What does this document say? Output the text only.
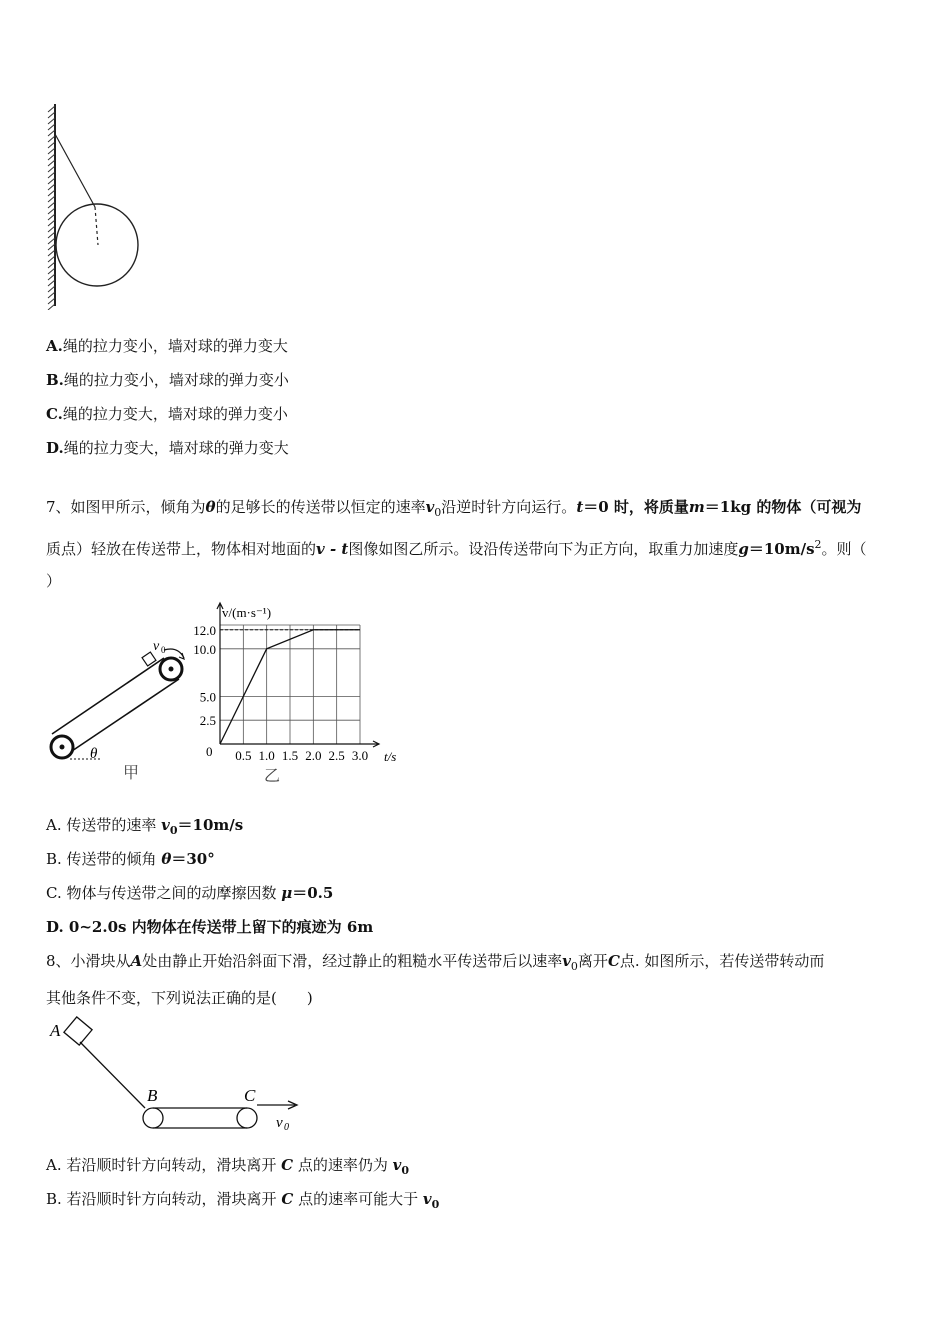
A.绳的拉力变小，墙对球的弹力变大
B.绳的拉力变小，墙对球的弹力变小
C.绳的拉力变大，墙对球的弹力变小
D.绳的拉力变大，墙对球的弹力变大
7、如图甲所示，倾角为θ的足够长的传送带以恒定的速率$v_0$沿逆时针方向运行。t＝0 时，将质量m＝1kg 的物体（可视为
质点）轻放在传送带上，物体相对地面的v - t图像如图乙所示。设沿传送带向下为正方向，取重力加速度$g=10m/s^2$。则（
）
v 0
θ
甲
0.5 1.0 1.5 2.0 2.5 3.0
2.5
5.0
10.0
12.0
v/(m·s⁻¹)
t/s
0
乙
A. 传送带的速率 $v_0=10m/s$
B. 传送带的倾角 θ＝30°
C. 物体与传送带之间的动摩擦因数 μ＝0.5
D. 0~2.0s 内物体在传送带上留下的痕迹为 6m
8、小滑块从A处由静止开始沿斜面下滑，经过静止的粗糙水平传送带后以速率$v_0$离开C点. 如图所示，若传送带转动而
其他条件不变，下列说法正确的是(　　)
A
B	C
v 0
A. 若沿顺时针方向转动，滑块离开 C 点的速率仍为 $v_0$
B. 若沿顺时针方向转动，滑块离开 C 点的速率可能大于 $v_0$
